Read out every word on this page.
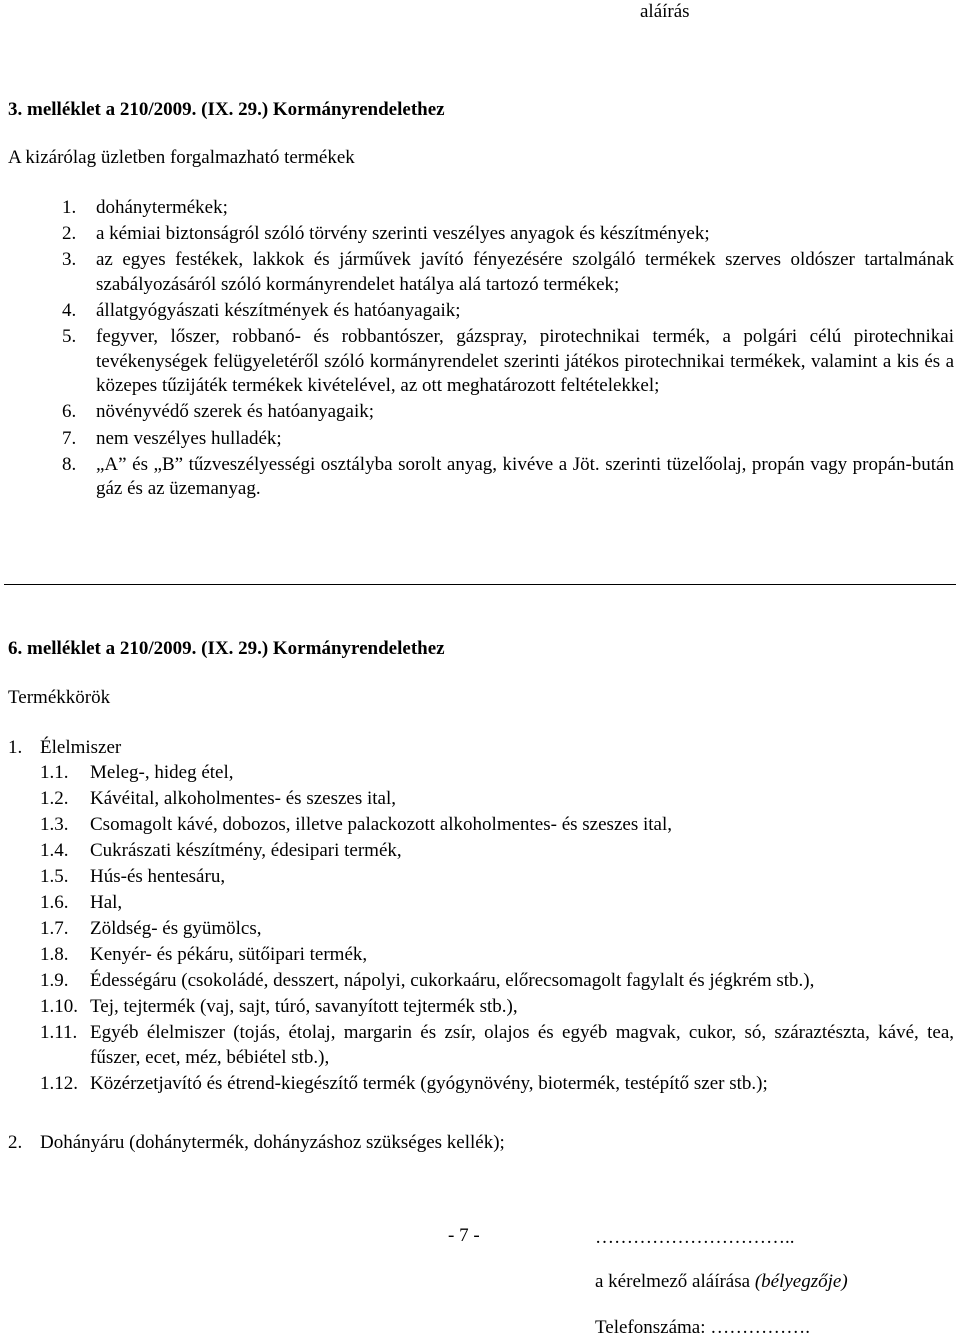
aláírás
3. melléklet a 210/2009. (IX. 29.) Kormányrendelethez
A kizárólag üzletben forgalmazható termékek
1.	dohánytermékek;
2.	a kémiai biztonságról szóló törvény szerinti veszélyes anyagok és készítmények;
3.	az egyes festékek, lakkok és járművek javító fényezésére szolgáló termékek szerves oldószer tartalmának szabályozásáról szóló kormányrendelet hatálya alá tartozó termékek;
4.	állatgyógyászati készítmények és hatóanyagaik;
5.	fegyver, lőszer, robbanó- és robbantószer, gázspray, pirotechnikai termék, a polgári célú pirotechnikai tevékenységek felügyeletéről szóló kormányrendelet szerinti játékos pirotechnikai termékek, valamint a kis és a közepes tűzijáték termékek kivételével, az ott meghatározott feltételekkel;
6.	növényvédő szerek és hatóanyagaik;
7.	nem veszélyes hulladék;
8.	„A” és „B” tűzveszélyességi osztályba sorolt anyag, kivéve a Jöt. szerinti tüzelőolaj, propán vagy propán-bután gáz és az üzemanyag.
6. melléklet a 210/2009. (IX. 29.) Kormányrendelethez
Termékkörök
1. Élelmiszer
1.1.	Meleg-, hideg étel,
1.2.	Kávéital, alkoholmentes- és szeszes ital,
1.3.	Csomagolt kávé, dobozos, illetve palackozott alkoholmentes- és szeszes ital,
1.4.	Cukrászati készítmény, édesipari termék,
1.5.	Hús-és hentesáru,
1.6.	Hal,
1.7.	Zöldség- és gyümölcs,
1.8.	Kenyér- és pékáru, sütőipari termék,
1.9.	Édességáru (csokoládé, desszert, nápolyi, cukorkaáru, előrecsomagolt fagylalt és jégkrém stb.),
1.10. Tej, tejtermék (vaj, sajt, túró, savanyított tejtermék stb.),
1.11. Egyéb élelmiszer (tojás, étolaj, margarin és zsír, olajos és egyéb magvak, cukor, só, száraztészta, kávé, tea, fűszer, ecet, méz, bébiétel stb.),
1.12. Közérzetjavító és étrend-kiegészítő termék (gyógynövény, biotermék, testépítő szer stb.);
2. Dohányáru (dohánytermék, dohányzáshoz szükséges kellék);
- 7 -	…………………………..
a kérelmező aláírása (bélyegzője)
Telefonszáma: …………….
